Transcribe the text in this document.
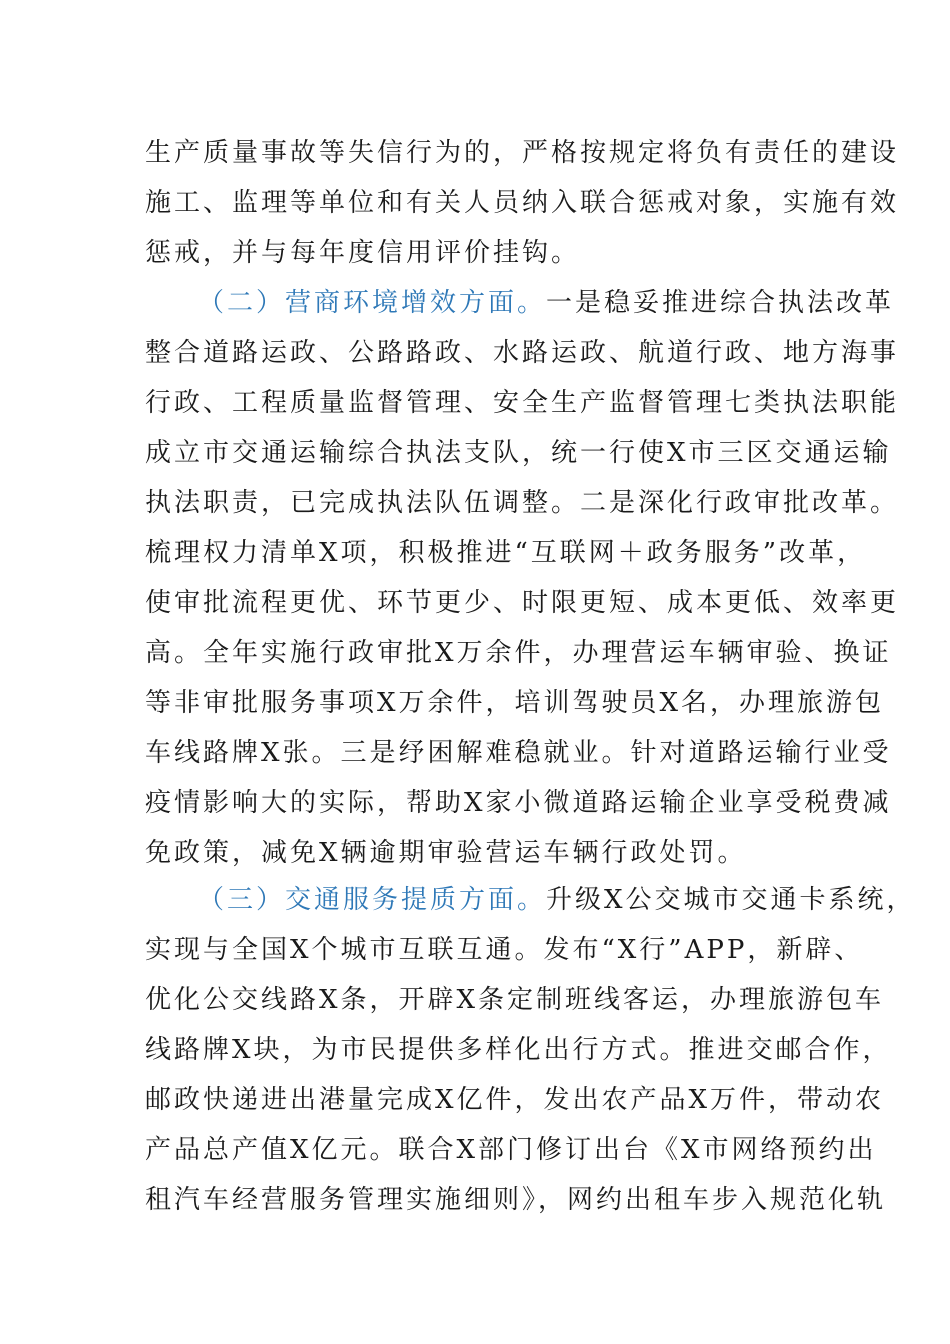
生产质量事故等失信行为的，严格按规定将负有责任的建设
施工、监理等单位和有关人员纳入联合惩戒对象，实施有效
惩戒，并与每年度信用评价挂钩。
（二）营商环境增效方面。一是稳妥推进综合执法改革
整合道路运政、公路路政、水路运政、航道行政、地方海事
行政、工程质量监督管理、安全生产监督管理七类执法职能
成立市交通运输综合执法支队，统一行使X市三区交通运输
执法职责，已完成执法队伍调整。二是深化行政审批改革。
梳理权力清单X项，积极推进“互联网＋政务服务”改革，
使审批流程更优、环节更少、时限更短、成本更低、效率更
高。全年实施行政审批X万余件，办理营运车辆审验、换证
等非审批服务事项X万余件，培训驾驶员X名，办理旅游包
车线路牌X张。三是纾困解难稳就业。针对道路运输行业受
疫情影响大的实际，帮助X家小微道路运输企业享受税费减
免政策，减免X辆逾期审验营运车辆行政处罚。
（三）交通服务提质方面。升级X公交城市交通卡系统，
实现与全国X个城市互联互通。发布“X行”APP，新辟、
优化公交线路X条，开辟X条定制班线客运，办理旅游包车
线路牌X块，为市民提供多样化出行方式。推进交邮合作，
邮政快递进出港量完成X亿件，发出农产品X万件，带动农
产品总产值X亿元。联合X部门修订出台《X市网络预约出
租汽车经营服务管理实施细则》，网约出租车步入规范化轨
